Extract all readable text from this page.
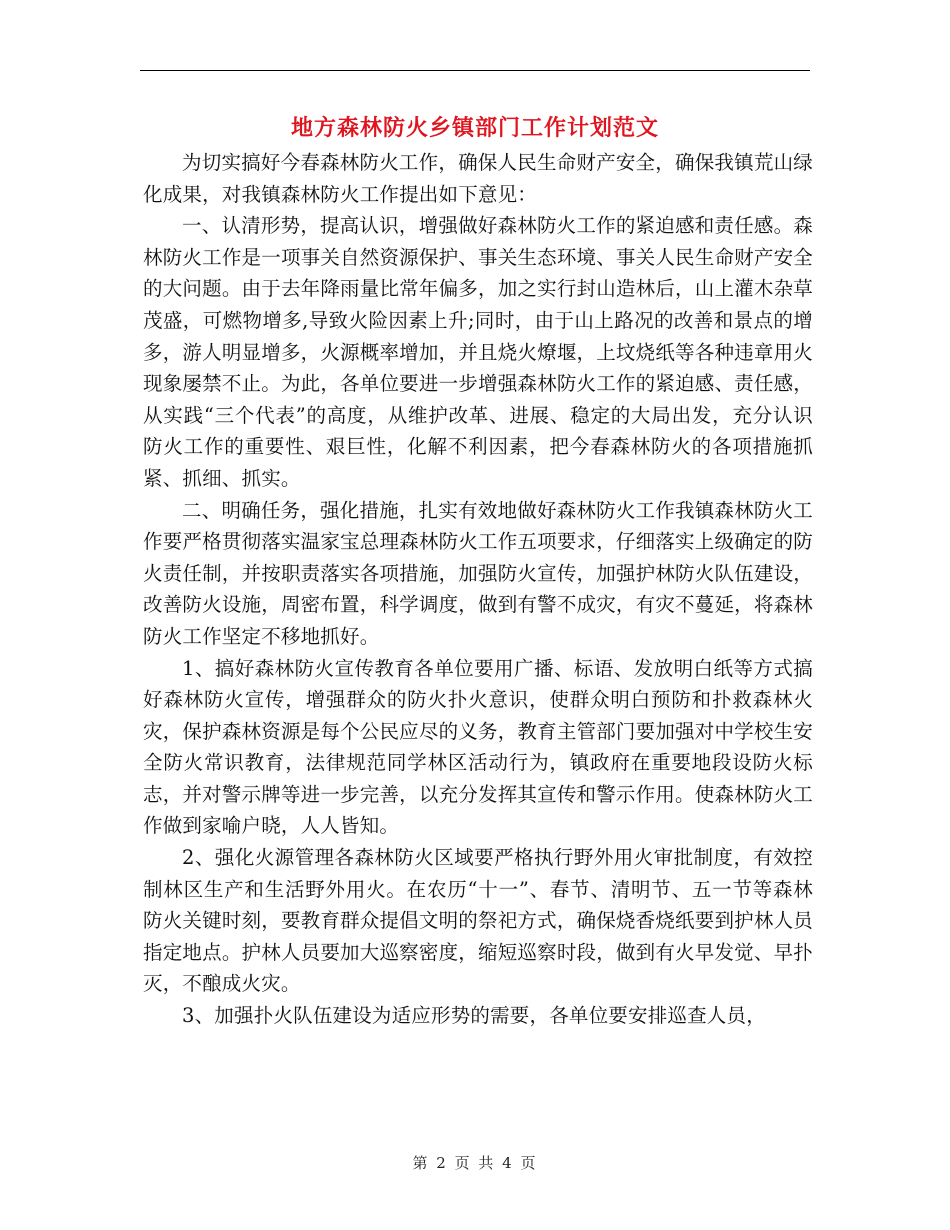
地方森林防火乡镇部门工作计划范文

为切实搞好今春森林防火工作，确保人民生命财产安全，确保我镇荒山绿化成果，对我镇森林防火工作提出如下意见：

一、认清形势，提高认识，增强做好森林防火工作的紧迫感和责任感。森林防火工作是一项事关自然资源保护、事关生态环境、事关人民生命财产安全的大问题。由于去年降雨量比常年偏多，加之实行封山造林后，山上灌木杂草茂盛，可燃物增多,导致火险因素上升;同时，由于山上路况的改善和景点的增多，游人明显增多，火源概率增加，并且烧火燎堰，上坟烧纸等各种违章用火现象屡禁不止。为此，各单位要进一步增强森林防火工作的紧迫感、责任感，从实践“三个代表”的高度，从维护改革、进展、稳定的大局出发，充分认识防火工作的重要性、艰巨性，化解不利因素，把今春森林防火的各项措施抓紧、抓细、抓实。

二、明确任务，强化措施，扎实有效地做好森林防火工作我镇森林防火工作要严格贯彻落实温家宝总理森林防火工作五项要求，仔细落实上级确定的防火责任制，并按职责落实各项措施，加强防火宣传，加强护林防火队伍建设，改善防火设施，周密布置，科学调度，做到有警不成灾，有灾不蔓延，将森林防火工作坚定不移地抓好。

1、搞好森林防火宣传教育各单位要用广播、标语、发放明白纸等方式搞好森林防火宣传，增强群众的防火扑火意识，使群众明白预防和扑救森林火灾，保护森林资源是每个公民应尽的义务，教育主管部门要加强对中学校生安全防火常识教育，法律规范同学林区活动行为，镇政府在重要地段设防火标志，并对警示牌等进一步完善，以充分发挥其宣传和警示作用。使森林防火工作做到家喻户晓，人人皆知。

2、强化火源管理各森林防火区域要严格执行野外用火审批制度，有效控制林区生产和生活野外用火。在农历“十一”、春节、清明节、五一节等森林防火关键时刻，要教育群众提倡文明的祭祀方式，确保烧香烧纸要到护林人员指定地点。护林人员要加大巡察密度，缩短巡察时段，做到有火早发觉、早扑灭，不酿成火灾。

3、加强扑火队伍建设为适应形势的需要，各单位要安排巡查人员，

第 2 页 共 4 页
